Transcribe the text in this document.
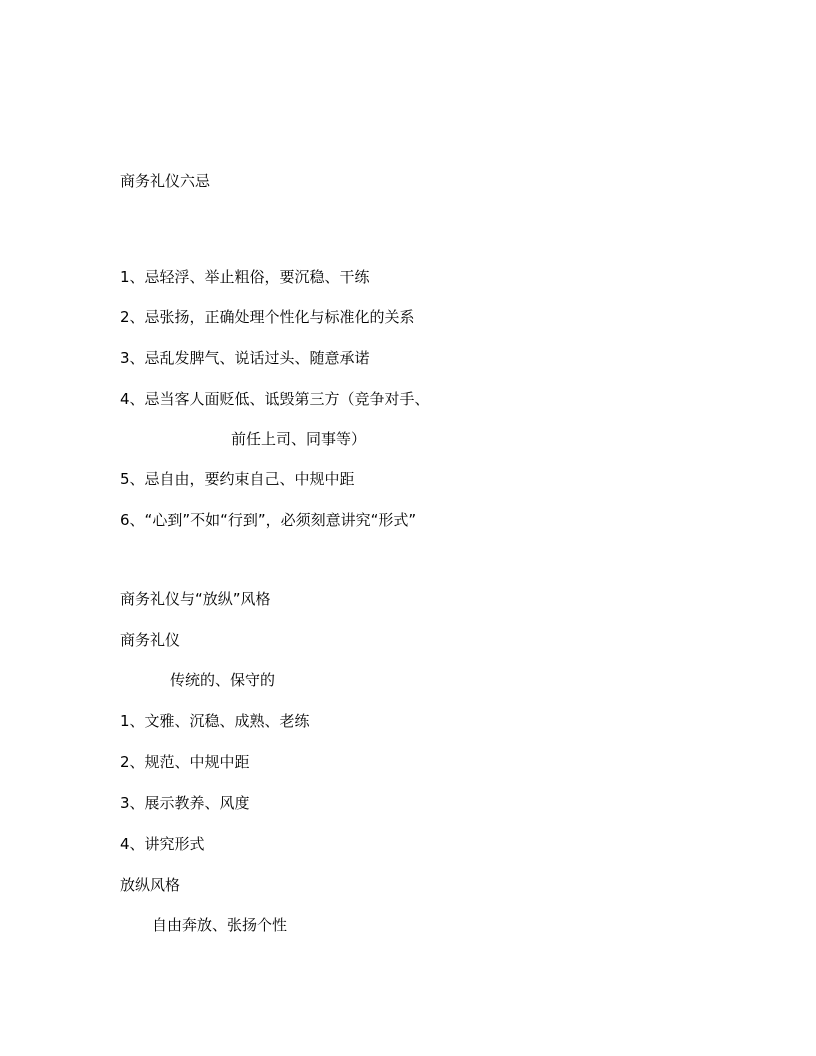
商务礼仪六忌
1、忌轻浮、举止粗俗，要沉稳、干练
2、忌张扬，正确处理个性化与标准化的关系
3、忌乱发脾气、说话过头、随意承诺
4、忌当客人面贬低、诋毁第三方（竞争对手、
前任上司、同事等）
5、忌自由，要约束自己、中规中距
6、“心到”不如“行到”，必须刻意讲究“形式”
商务礼仪与“放纵”风格
商务礼仪
传统的、保守的
1、文雅、沉稳、成熟、老练
2、规范、中规中距
3、展示教养、风度
4、讲究形式
放纵风格
自由奔放、张扬个性
